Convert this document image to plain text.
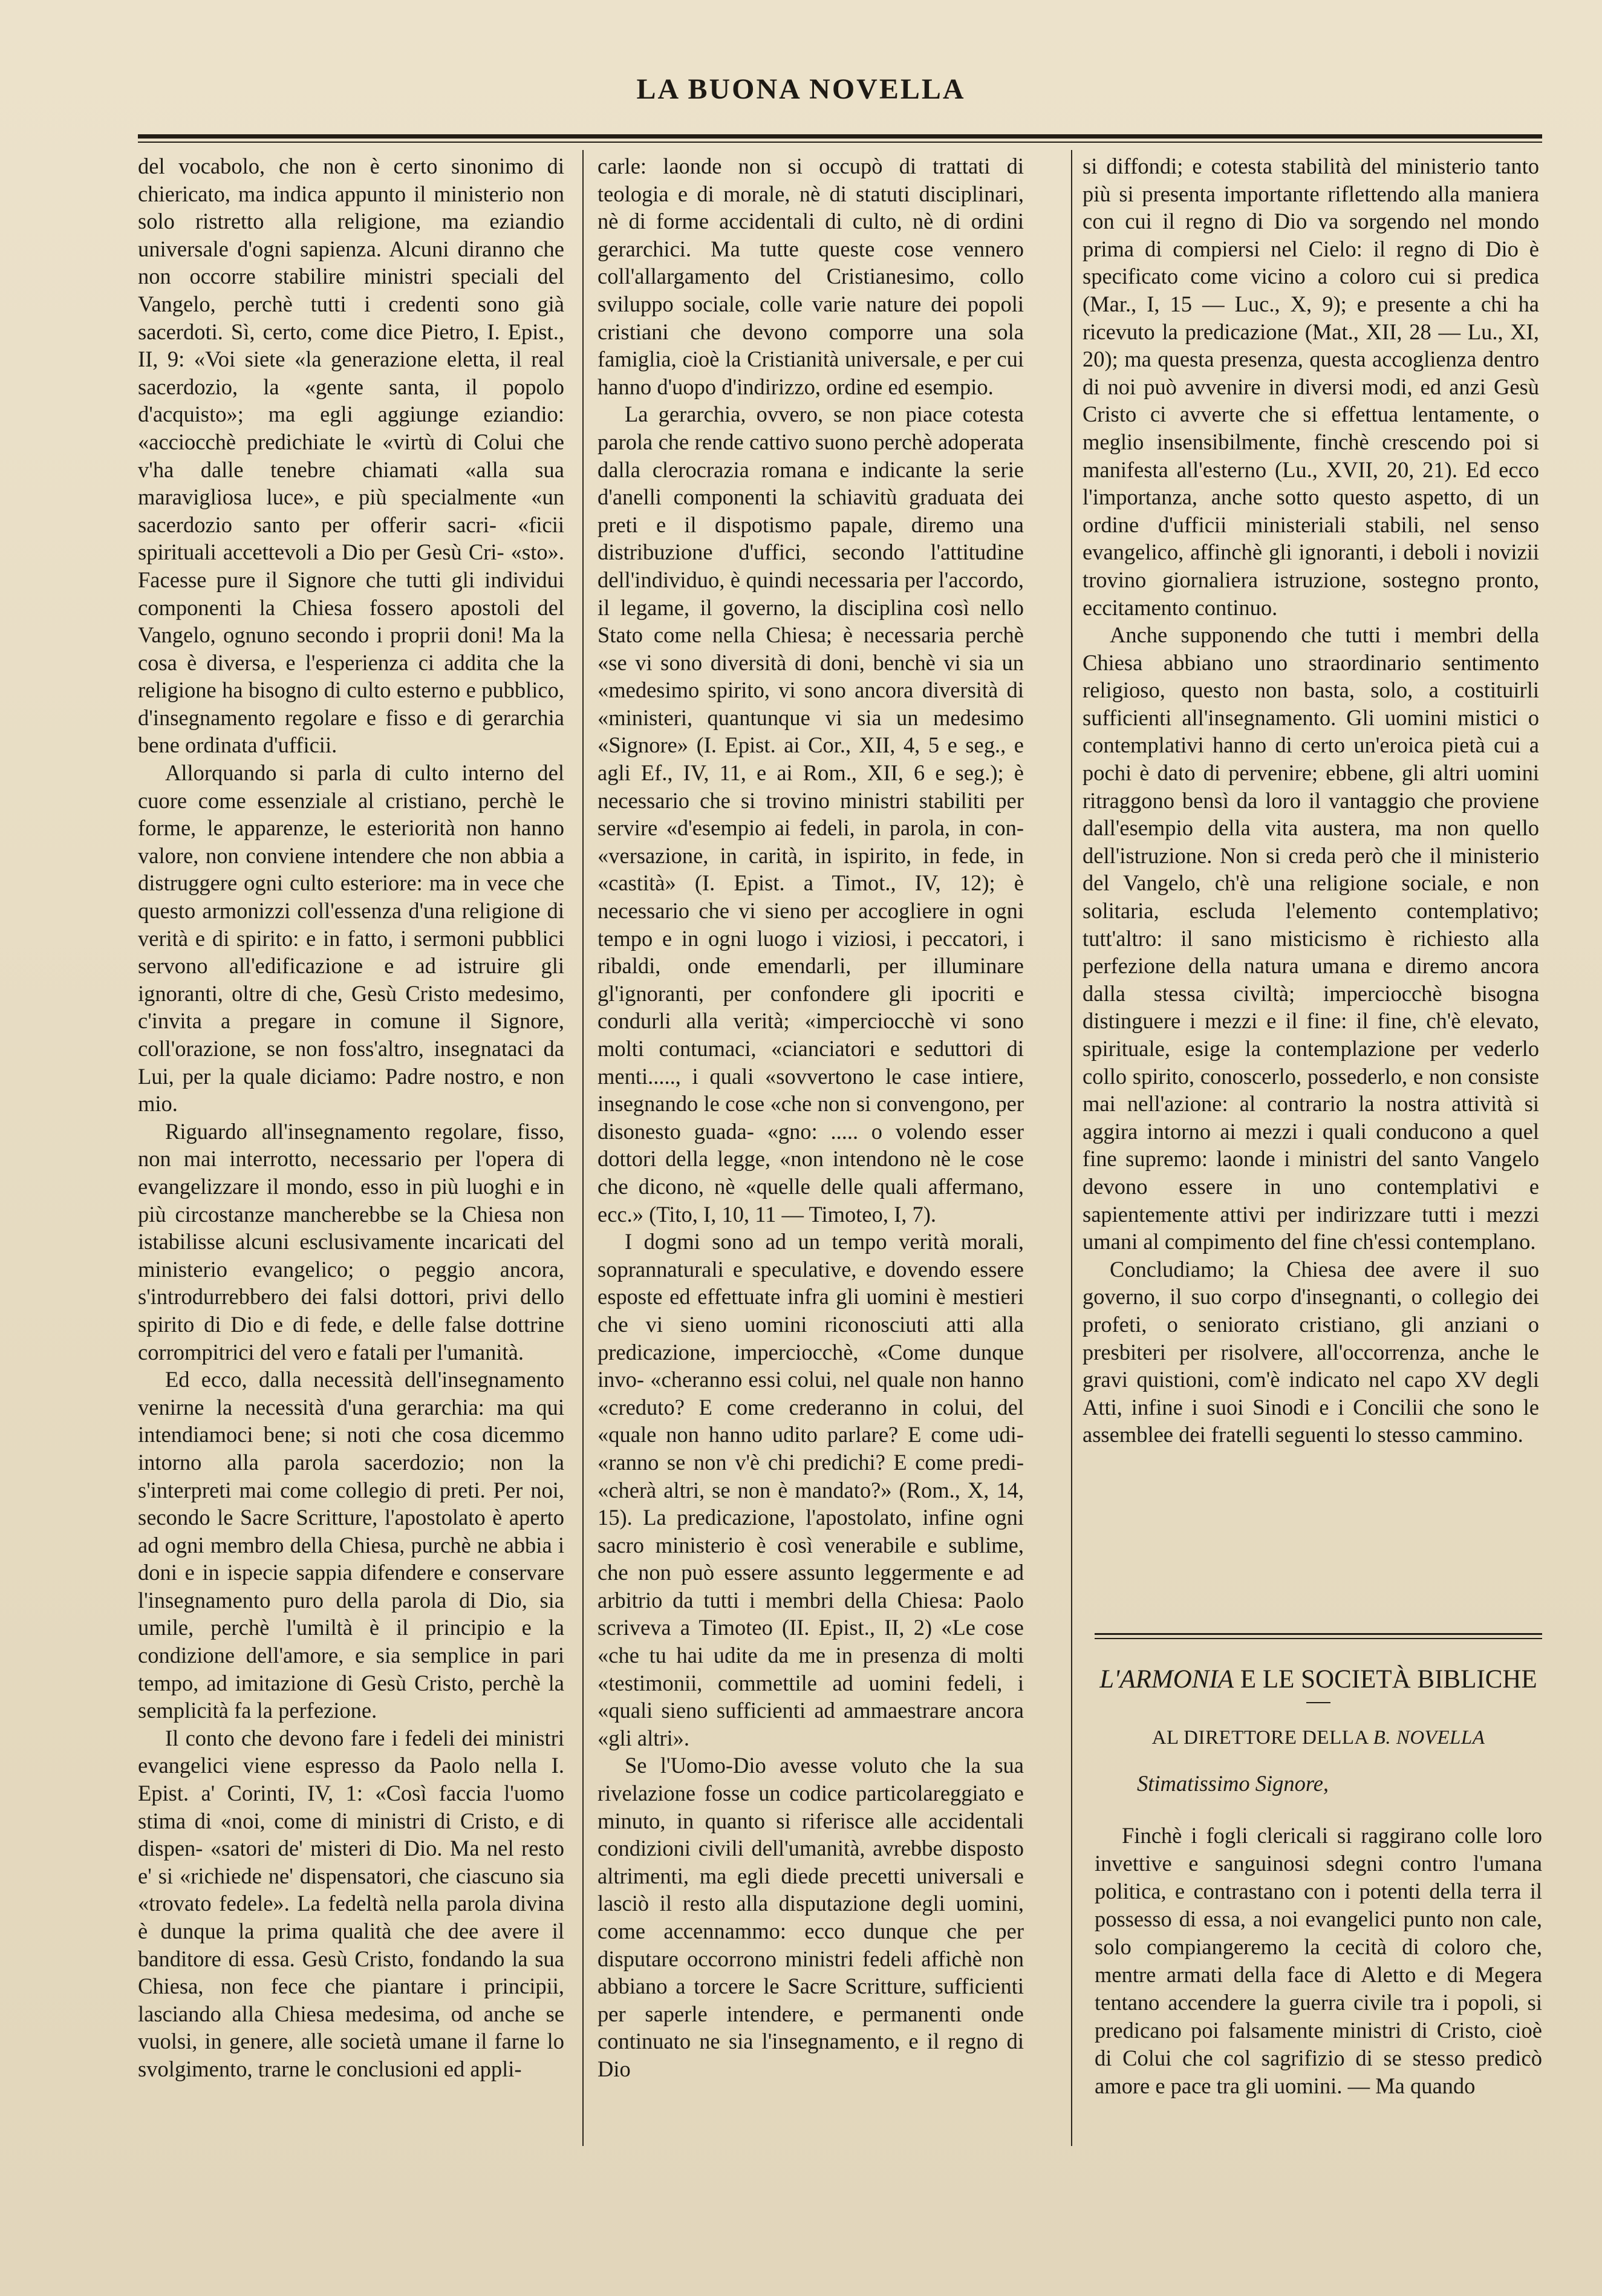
LA BUONA NOVELLA

del vocabolo, che non è certo sinonimo di chiericato, ma indica appunto il ministerio non solo ristretto alla religione, ma eziandio universale d'ogni sapienza. Alcuni diranno che non occorre stabilire ministri speciali del Vangelo, perchè tutti i credenti sono già sacerdoti. Sì, certo, come dice Pietro, I. Epist., II, 9: «Voi siete «la generazione eletta, il real sacerdozio, la «gente santa, il popolo d'acquisto»; ma egli aggiunge eziandio: «acciocchè predichiate le «virtù di Colui che v'ha dalle tenebre chiamati «alla sua maravigliosa luce», e più specialmente «un sacerdozio santo per offerir sacri- «ficii spirituali accettevoli a Dio per Gesù Cri- «sto». Facesse pure il Signore che tutti gli individui componenti la Chiesa fossero apostoli del Vangelo, ognuno secondo i proprii doni! Ma la cosa è diversa, e l'esperienza ci addita che la religione ha bisogno di culto esterno e pubblico, d'insegnamento regolare e fisso e di gerarchia bene ordinata d'ufficii.

Allorquando si parla di culto interno del cuore come essenziale al cristiano, perchè le forme, le apparenze, le esteriorità non hanno valore, non conviene intendere che non abbia a distruggere ogni culto esteriore: ma in vece che questo armonizzi coll'essenza d'una religione di verità e di spirito: e in fatto, i sermoni pubblici servono all'edificazione e ad istruire gli ignoranti, oltre di che, Gesù Cristo medesimo, c'invita a pregare in comune il Signore, coll'orazione, se non foss'altro, insegnataci da Lui, per la quale diciamo: Padre nostro, e non mio.

Riguardo all'insegnamento regolare, fisso, non mai interrotto, necessario per l'opera di evangelizzare il mondo, esso in più luoghi e in più circostanze mancherebbe se la Chiesa non istabilisse alcuni esclusivamente incaricati del ministerio evangelico; o peggio ancora, s'introdurrebbero dei falsi dottori, privi dello spirito di Dio e di fede, e delle false dottrine corrompitrici del vero e fatali per l'umanità.

Ed ecco, dalla necessità dell'insegnamento venirne la necessità d'una gerarchia: ma qui intendiamoci bene; si noti che cosa dicemmo intorno alla parola sacerdozio; non la s'interpreti mai come collegio di preti. Per noi, secondo le Sacre Scritture, l'apostolato è aperto ad ogni membro della Chiesa, purchè ne abbia i doni e in ispecie sappia difendere e conservare l'insegnamento puro della parola di Dio, sia umile, perchè l'umiltà è il principio e la condizione dell'amore, e sia semplice in pari tempo, ad imitazione di Gesù Cristo, perchè la semplicità fa la perfezione.

Il conto che devono fare i fedeli dei ministri evangelici viene espresso da Paolo nella I. Epist. a' Corinti, IV, 1: «Così faccia l'uomo stima di «noi, come di ministri di Cristo, e di dispen- «satori de' misteri di Dio. Ma nel resto e' si «richiede ne' dispensatori, che ciascuno sia «trovato fedele». La fedeltà nella parola divina è dunque la prima qualità che dee avere il banditore di essa. Gesù Cristo, fondando la sua Chiesa, non fece che piantare i principii, lasciando alla Chiesa medesima, od anche se vuolsi, in genere, alle società umane il farne lo svolgimento, trarne le conclusioni ed appli-

carle: laonde non si occupò di trattati di teologia e di morale, nè di statuti disciplinari, nè di forme accidentali di culto, nè di ordini gerarchici. Ma tutte queste cose vennero coll'allargamento del Cristianesimo, collo sviluppo sociale, colle varie nature dei popoli cristiani che devono comporre una sola famiglia, cioè la Cristianità universale, e per cui hanno d'uopo d'indirizzo, ordine ed esempio.

La gerarchia, ovvero, se non piace cotesta parola che rende cattivo suono perchè adoperata dalla clerocrazia romana e indicante la serie d'anelli componenti la schiavitù graduata dei preti e il dispotismo papale, diremo una distribuzione d'uffici, secondo l'attitudine dell'individuo, è quindi necessaria per l'accordo, il legame, il governo, la disciplina così nello Stato come nella Chiesa; è necessaria perchè «se vi sono diversità di doni, benchè vi sia un «medesimo spirito, vi sono ancora diversità di «ministeri, quantunque vi sia un medesimo «Signore» (I. Epist. ai Cor., XII, 4, 5 e seg., e agli Ef., IV, 11, e ai Rom., XII, 6 e seg.); è necessario che si trovino ministri stabiliti per servire «d'esempio ai fedeli, in parola, in con- «versazione, in carità, in ispirito, in fede, in «castità» (I. Epist. a Timot., IV, 12); è necessario che vi sieno per accogliere in ogni tempo e in ogni luogo i viziosi, i peccatori, i ribaldi, onde emendarli, per illuminare gl'ignoranti, per confondere gli ipocriti e condurli alla verità; «imperciocchè vi sono molti contumaci, «cianciatori e seduttori di menti....., i quali «sovvertono le case intiere, insegnando le cose «che non si convengono, per disonesto guada- «gno: ..... o volendo esser dottori della legge, «non intendono nè le cose che dicono, nè «quelle delle quali affermano, ecc.» (Tito, I, 10, 11 — Timoteo, I, 7).

I dogmi sono ad un tempo verità morali, soprannaturali e speculative, e dovendo essere esposte ed effettuate infra gli uomini è mestieri che vi sieno uomini riconosciuti atti alla predicazione, imperciocchè, «Come dunque invo- «cheranno essi colui, nel quale non hanno «creduto? E come crederanno in colui, del «quale non hanno udito parlare? E come udi- «ranno se non v'è chi predichi? E come predi- «cherà altri, se non è mandato?» (Rom., X, 14, 15). La predicazione, l'apostolato, infine ogni sacro ministerio è così venerabile e sublime, che non può essere assunto leggermente e ad arbitrio da tutti i membri della Chiesa: Paolo scriveva a Timoteo (II. Epist., II, 2) «Le cose «che tu hai udite da me in presenza di molti «testimonii, commettile ad uomini fedeli, i «quali sieno sufficienti ad ammaestrare ancora «gli altri».

Se l'Uomo-Dio avesse voluto che la sua rivelazione fosse un codice particolareggiato e minuto, in quanto si riferisce alle accidentali condizioni civili dell'umanità, avrebbe disposto altrimenti, ma egli diede precetti universali e lasciò il resto alla disputazione degli uomini, come accennammo: ecco dunque che per disputare occorrono ministri fedeli affichè non abbiano a torcere le Sacre Scritture, sufficienti per saperle intendere, e permanenti onde continuato ne sia l'insegnamento, e il regno di Dio

si diffondi; e cotesta stabilità del ministerio tanto più si presenta importante riflettendo alla maniera con cui il regno di Dio va sorgendo nel mondo prima di compiersi nel Cielo: il regno di Dio è specificato come vicino a coloro cui si predica (Mar., I, 15 — Luc., X, 9); e presente a chi ha ricevuto la predicazione (Mat., XII, 28 — Lu., XI, 20); ma questa presenza, questa accoglienza dentro di noi può avvenire in diversi modi, ed anzi Gesù Cristo ci avverte che si effettua lentamente, o meglio insensibilmente, finchè crescendo poi si manifesta all'esterno (Lu., XVII, 20, 21). Ed ecco l'importanza, anche sotto questo aspetto, di un ordine d'ufficii ministeriali stabili, nel senso evangelico, affinchè gli ignoranti, i deboli i novizii trovino giornaliera istruzione, sostegno pronto, eccitamento continuo.

Anche supponendo che tutti i membri della Chiesa abbiano uno straordinario sentimento religioso, questo non basta, solo, a costituirli sufficienti all'insegnamento. Gli uomini mistici o contemplativi hanno di certo un'eroica pietà cui a pochi è dato di pervenire; ebbene, gli altri uomini ritraggono bensì da loro il vantaggio che proviene dall'esempio della vita austera, ma non quello dell'istruzione. Non si creda però che il ministerio del Vangelo, ch'è una religione sociale, e non solitaria, escluda l'elemento contemplativo; tutt'altro: il sano misticismo è richiesto alla perfezione della natura umana e diremo ancora dalla stessa civiltà; imperciocchè bisogna distinguere i mezzi e il fine: il fine, ch'è elevato, spirituale, esige la contemplazione per vederlo collo spirito, conoscerlo, possederlo, e non consiste mai nell'azione: al contrario la nostra attività si aggira intorno ai mezzi i quali conducono a quel fine supremo: laonde i ministri del santo Vangelo devono essere in uno contemplativi e sapientemente attivi per indirizzare tutti i mezzi umani al compimento del fine ch'essi contemplano.

Concludiamo; la Chiesa dee avere il suo governo, il suo corpo d'insegnanti, o collegio dei profeti, o seniorato cristiano, gli anziani o presbiteri per risolvere, all'occorrenza, anche le gravi quistioni, com'è indicato nel capo XV degli Atti, infine i suoi Sinodi e i Concilii che sono le assemblee dei fratelli seguenti lo stesso cammino.

L'ARMONIA E LE SOCIETÀ BIBLICHE

AL DIRETTORE DELLA B. NOVELLA

Stimatissimo Signore,

Finchè i fogli clericali si raggirano colle loro invettive e sanguinosi sdegni contro l'umana politica, e contrastano con i potenti della terra il possesso di essa, a noi evangelici punto non cale, solo compiangeremo la cecità di coloro che, mentre armati della face di Aletto e di Megera tentano accendere la guerra civile tra i popoli, si predicano poi falsamente ministri di Cristo, cioè di Colui che col sagrifizio di se stesso predicò amore e pace tra gli uomini. — Ma quando
